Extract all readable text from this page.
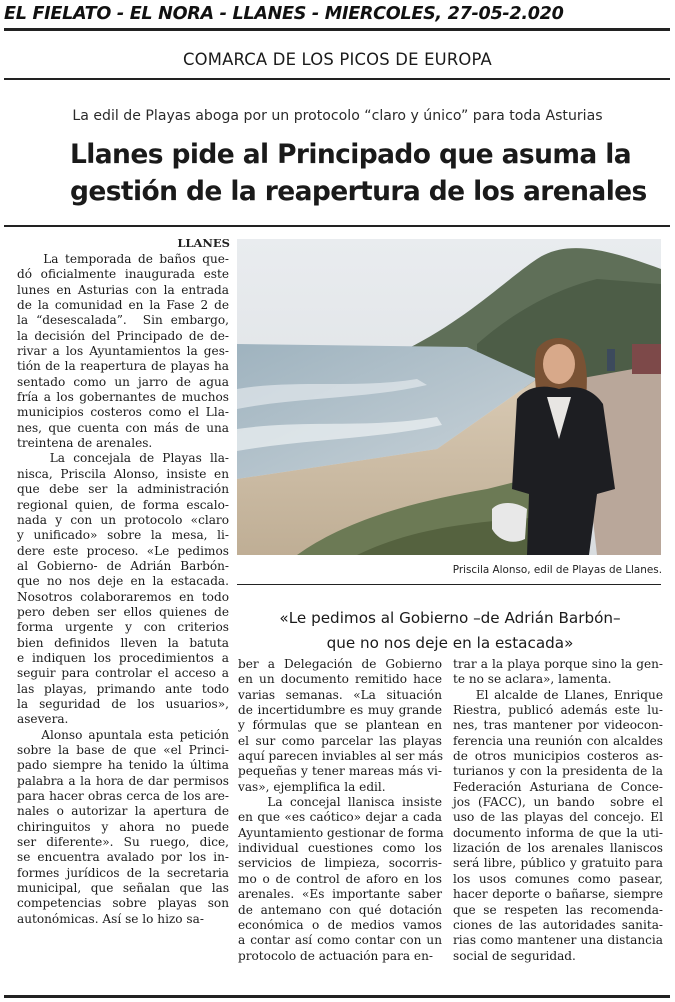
EL FIELATO - EL NORA - LLANES - MIERCOLES, 27-05-2.020
COMARCA DE LOS PICOS DE EUROPA
La edil de Playas aboga por un protocolo “claro y único” para toda Asturias
Llanes pide al Principado que asuma la
gestión de la reapertura de los arenales
LLANES
La temporada de baños que-
dó oficialmente inaugurada este
lunes en Asturias con la entrada
de la comunidad en la Fase 2 de
la “desescalada”.  Sin embargo,
la decisión del Principado de de-
rivar a los Ayuntamientos la ges-
tión de la reapertura de playas ha
sentado como un jarro de agua
fría a los gobernantes de muchos
municipios costeros como el Lla-
nes, que cuenta con más de una
treintena de arenales.
La concejala de Playas lla-
nisca, Priscila Alonso, insiste en
que debe ser la administración
regional quien, de forma escalo-
nada y con un protocolo «claro
y unificado» sobre la mesa, li-
dere este proceso. «Le pedimos
al Gobierno- de Adrián Barbón-
que no nos deje en la estacada.
Nosotros colaboraremos en todo
pero deben ser ellos quienes de
forma urgente y con criterios
bien definidos lleven la batuta
e indiquen los procedimientos a
seguir para controlar el acceso a
las playas, primando ante todo
la seguridad de los usuarios»,
asevera.
Alonso apuntala esta petición
sobre la base de que «el Princi-
pado siempre ha tenido la última
palabra a la hora de dar permisos
para hacer obras cerca de los are-
nales o autorizar la apertura de
chiringuitos y ahora no puede
ser diferente». Su ruego, dice,
se encuentra avalado por los in-
formes jurídicos de la secretaria
municipal, que señalan que las
competencias sobre playas son
autonómicas. Así se lo hizo sa-
Priscila Alonso, edil de Playas de Llanes.
«Le pedimos al Gobierno –de Adrián Barbón–
que no nos deje en la estacada»
ber a Delegación de Gobierno
en un documento remitido hace
varias semanas. «La situación
de incertidumbre es muy grande
y fórmulas que se plantean en
el sur como parcelar las playas
aquí parecen inviables al ser más
pequeñas y tener mareas más vi-
vas», ejemplifica la edil.
La concejal llanisca insiste
en que «es caótico» dejar a cada
Ayuntamiento gestionar de forma
individual cuestiones como los
servicios de limpieza, socorris-
mo o de control de aforo en los
arenales. «Es importante saber
de antemano con qué dotación
económica o de medios vamos
a contar así como contar con un
protocolo de actuación para en-
trar a la playa porque sino la gen-
te no se aclara», lamenta.
El alcalde de Llanes, Enrique
Riestra, publicó además este lu-
nes, tras mantener por videocon-
ferencia una reunión con alcaldes
de otros municipios costeros as-
turianos y con la presidenta de la
Federación Asturiana de Conce-
jos (FACC), un bando  sobre el
uso de las playas del concejo. El
documento informa de que la uti-
lización de los arenales llaniscos
será libre, público y gratuito para
los usos comunes como pasear,
hacer deporte o bañarse, siempre
que se respeten las recomenda-
ciones de las autoridades sanita-
rias como mantener una distancia
social de seguridad.
